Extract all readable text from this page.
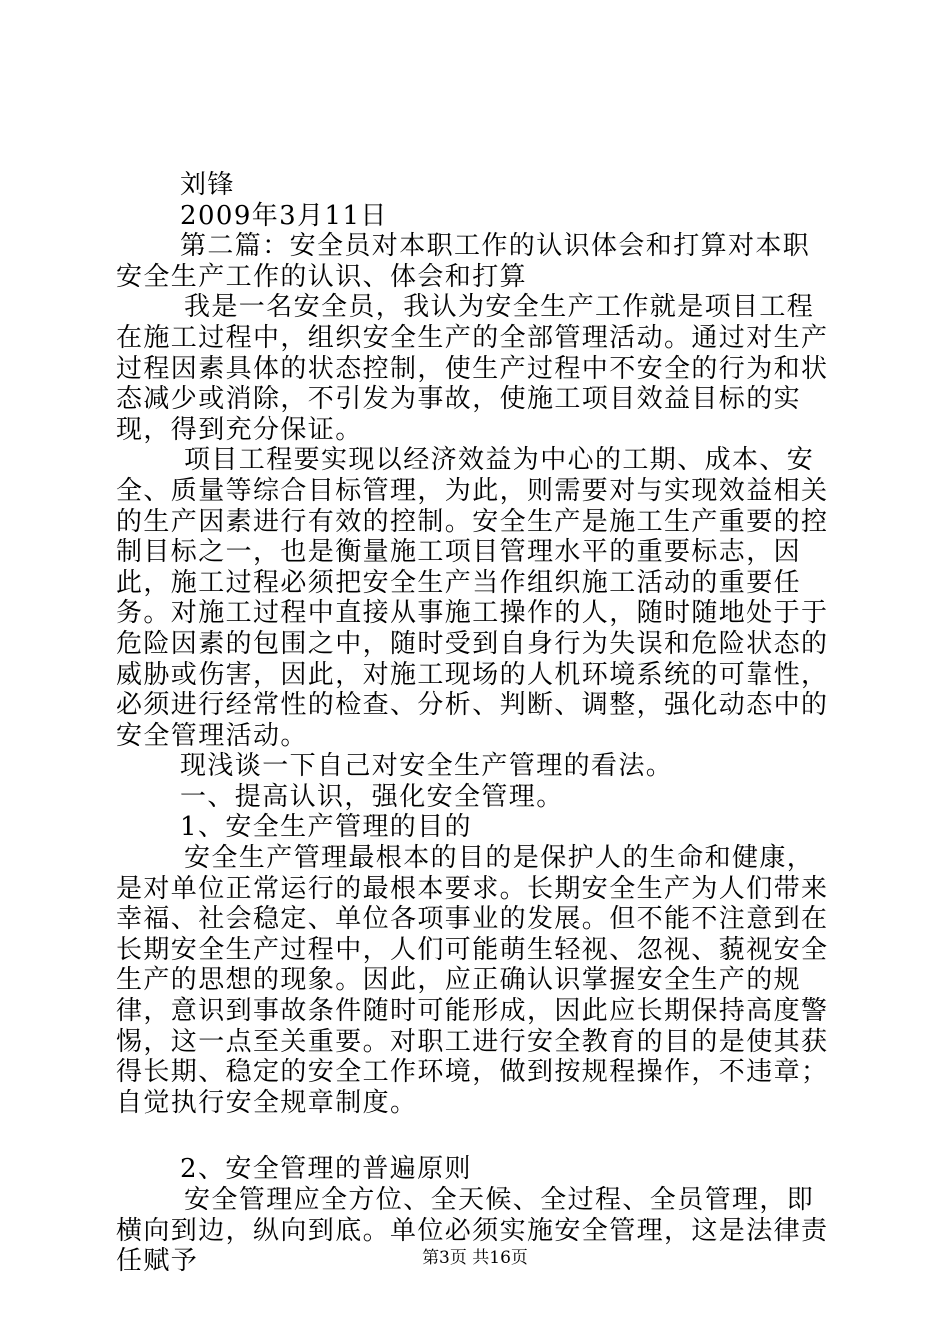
刘锋

2009年3月11日

第二篇：安全员对本职工作的认识体会和打算对本职安全生产工作的认识、体会和打算

我是一名安全员，我认为安全生产工作就是项目工程在施工过程中，组织安全生产的全部管理活动。通过对生产过程因素具体的状态控制，使生产过程中不安全的行为和状态减少或消除，不引发为事故，使施工项目效益目标的实现，得到充分保证。

项目工程要实现以经济效益为中心的工期、成本、安全、质量等综合目标管理，为此，则需要对与实现效益相关的生产因素进行有效的控制。安全生产是施工生产重要的控制目标之一，也是衡量施工项目管理水平的重要标志，因此，施工过程必须把安全生产当作组织施工活动的重要任务。对施工过程中直接从事施工操作的人，随时随地处于于危险因素的包围之中，随时受到自身行为失误和危险状态的威胁或伤害，因此，对施工现场的人机环境系统的可靠性，必须进行经常性的检查、分析、判断、调整，强化动态中的安全管理活动。

现浅谈一下自己对安全生产管理的看法。

一、提高认识，强化安全管理。

1、安全生产管理的目的

安全生产管理最根本的目的是保护人的生命和健康，是对单位正常运行的最根本要求。长期安全生产为人们带来幸福、社会稳定、单位各项事业的发展。但不能不注意到在长期安全生产过程中，人们可能萌生轻视、忽视、藐视安全生产的思想的现象。因此，应正确认识掌握安全生产的规律，意识到事故条件随时可能形成，因此应长期保持高度警惕，这一点至关重要。对职工进行安全教育的目的是使其获得长期、稳定的安全工作环境，做到按规程操作，不违章；自觉执行安全规章制度。

2、安全管理的普遍原则

安全管理应全方位、全天候、全过程、全员管理，即横向到边，纵向到底。单位必须实施安全管理，这是法律责任赋予	第3页 共16页
